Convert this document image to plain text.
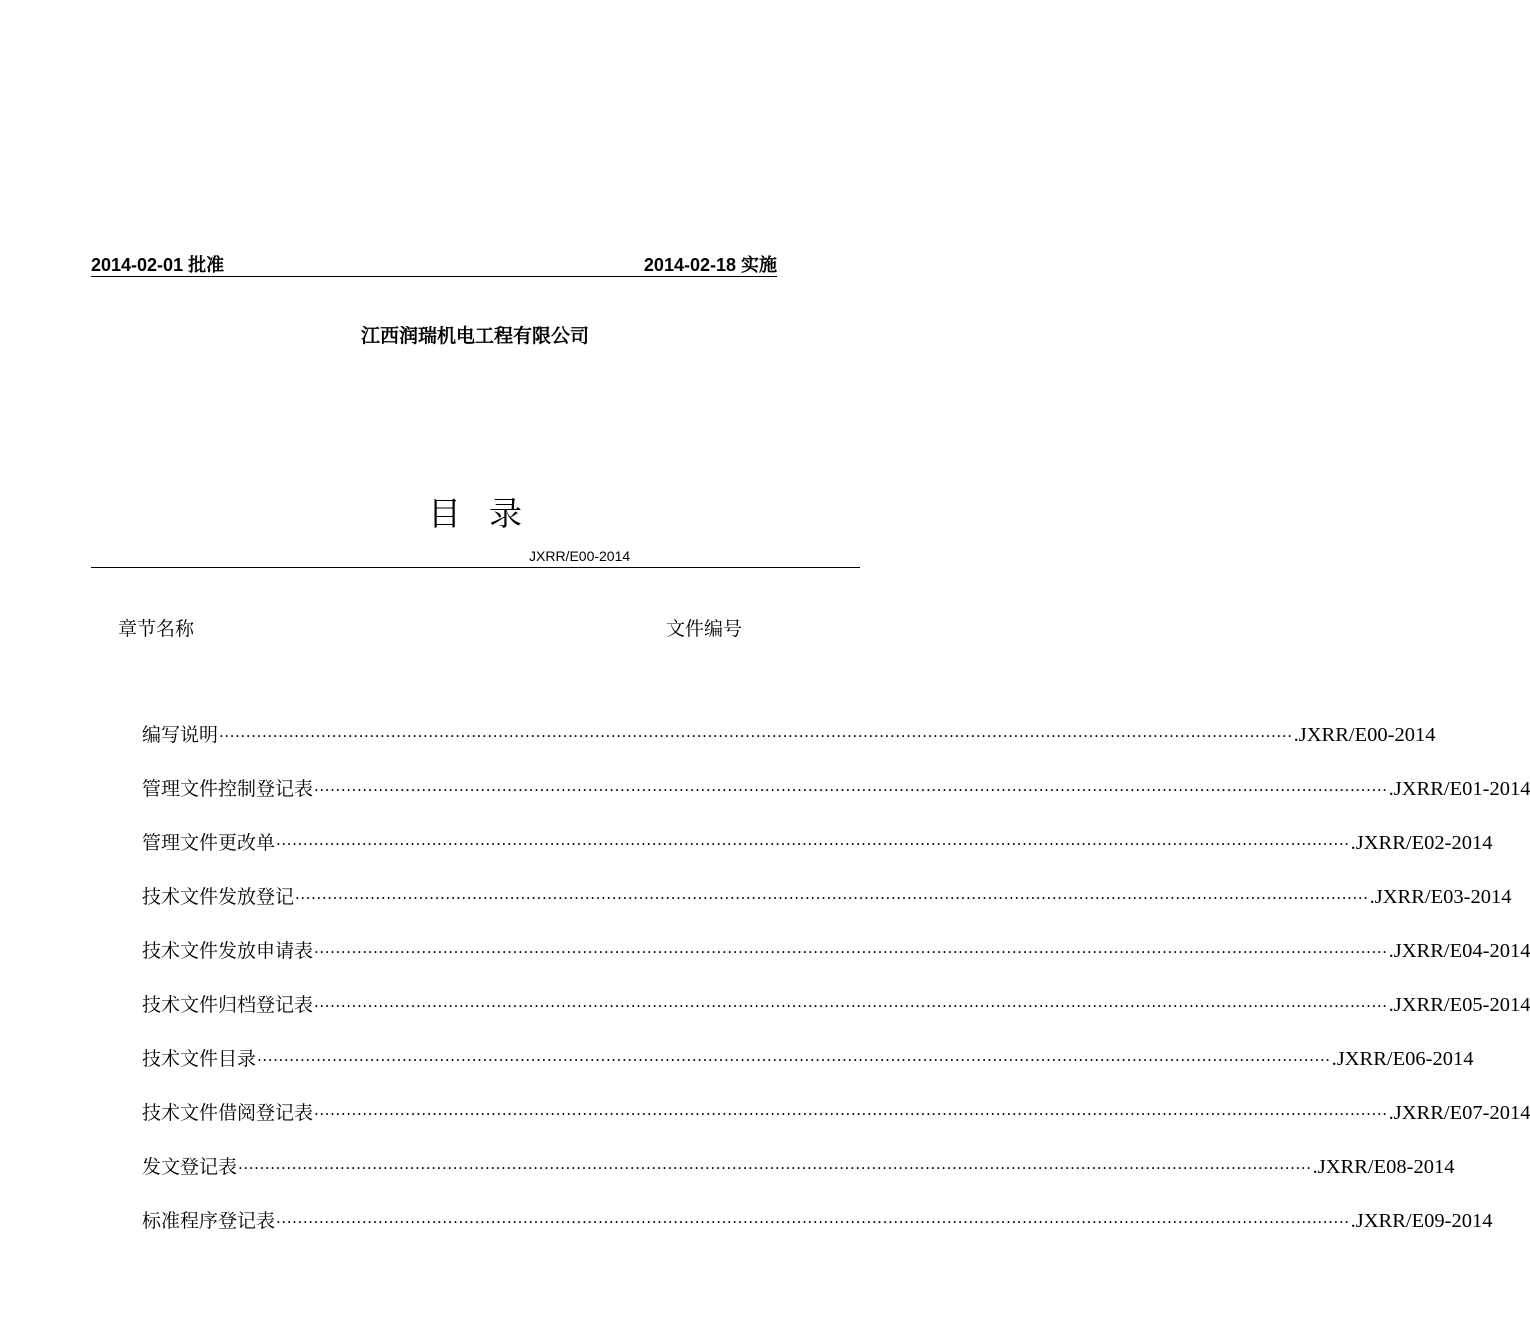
2014-02-01 批准	2014-02-18 实施
江西润瑞机电工程有限公司
目录
JXRR/E00-2014
章节名称	文件编号
编写说明 ········································································································································································································ .JXRR/E00-2014
管理文件控制登记表 ········································································································································································································ .JXRR/E01-2014
管理文件更改单 ········································································································································································································ .JXRR/E02-2014
技术文件发放登记 ········································································································································································································ .JXRR/E03-2014
技术文件发放申请表 ········································································································································································································ .JXRR/E04-2014
技术文件归档登记表 ········································································································································································································ .JXRR/E05-2014
技术文件目录 ········································································································································································································ .JXRR/E06-2014
技术文件借阅登记表 ········································································································································································································ .JXRR/E07-2014
发文登记表 ········································································································································································································ .JXRR/E08-2014
标准程序登记表 ········································································································································································································ .JXRR/E09-2014
